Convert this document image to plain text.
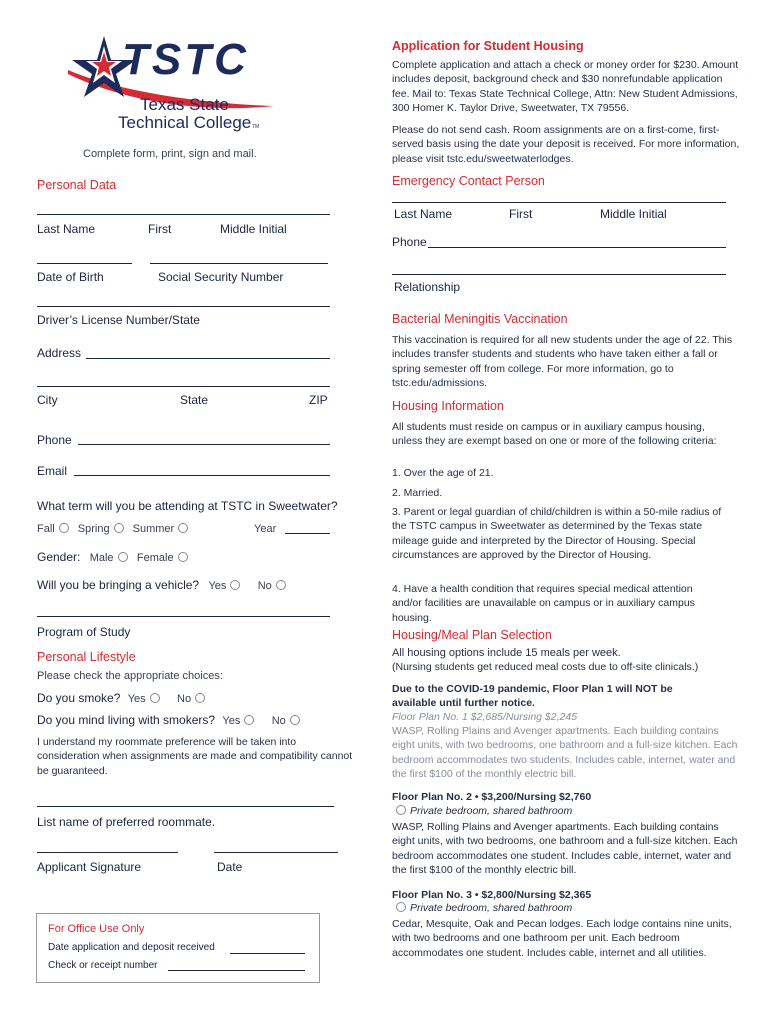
TSTC
Texas State
Technical College TM
Complete form, print, sign and mail.
Personal Data
Last Name	First	Middle Initial
Date of Birth	Social Security Number
Driver’s License Number/State
Address
City	State	ZIP
Phone
Email
What term will you be attending at TSTC in Sweetwater?
Fall Spring Summer	Year
Gender: Male Female
Will you be bringing a vehicle? Yes	No
Program of Study
Personal Lifestyle
Please check the appropriate choices:
Do you smoke? Yes	No
Do you mind living with smokers? Yes	No
I understand my roommate preference will be taken into consideration when assignments are made and compatibility cannot be guaranteed.
List name of preferred roommate.
Applicant Signature	Date
For Office Use Only
Date application and deposit received
Check or receipt number
Application for Student Housing
Complete application and attach a check or money order for $230. Amount includes deposit, background check and $30 nonrefundable application fee. Mail to: Texas State Technical College, Attn: New Student Admissions, 300 Homer K. Taylor Drive, Sweetwater, TX 79556.
Please do not send cash. Room assignments are on a first-come, first-served basis using the date your deposit is received. For more information, please visit tstc.edu/sweetwaterlodges.
Emergency Contact Person
Last Name	First	Middle Initial
Phone
Relationship
Bacterial Meningitis Vaccination
This vaccination is required for all new students under the age of 22. This includes transfer students and students who have taken either a fall or spring semester off from college. For more information, go to tstc.edu/admissions.
Housing Information
All students must reside on campus or in auxiliary campus housing, unless they are exempt based on one or more of the following criteria:
1. Over the age of 21.
2. Married.
3. Parent or legal guardian of child/children is within a 50-mile radius of the TSTC campus in Sweetwater as determined by the Texas state mileage guide and interpreted by the Director of Housing. Special circumstances are approved by the Director of Housing.
4. Have a health condition that requires special medical attention and/or facilities are unavailable on campus or in auxiliary campus housing.
Housing/Meal Plan Selection
All housing options include 15 meals per week.
(Nursing students get reduced meal costs due to off-site clinicals.)
Due to the COVID-19 pandemic, Floor Plan 1 will NOT be available until further notice.
Floor Plan No. 1 $2,685/Nursing $2,245
WASP, Rolling Plains and Avenger apartments. Each building contains eight units, with two bedrooms, one bathroom and a full-size kitchen. Each bedroom accommodates two students. Includes cable, internet, water and the first $100 of the monthly electric bill.
Floor Plan No. 2 • $3,200/Nursing $2,760
Private bedroom, shared bathroom
WASP, Rolling Plains and Avenger apartments. Each building contains eight units, with two bedrooms, one bathroom and a full-size kitchen. Each bedroom accommodates one student. Includes cable, internet, water and the first $100 of the monthly electric bill.
Floor Plan No. 3 • $2,800/Nursing $2,365
Private bedroom, shared bathroom
Cedar, Mesquite, Oak and Pecan lodges. Each lodge contains nine units, with two bedrooms and one bathroom per unit. Each bedroom accommodates one student. Includes cable, internet and all utilities.
